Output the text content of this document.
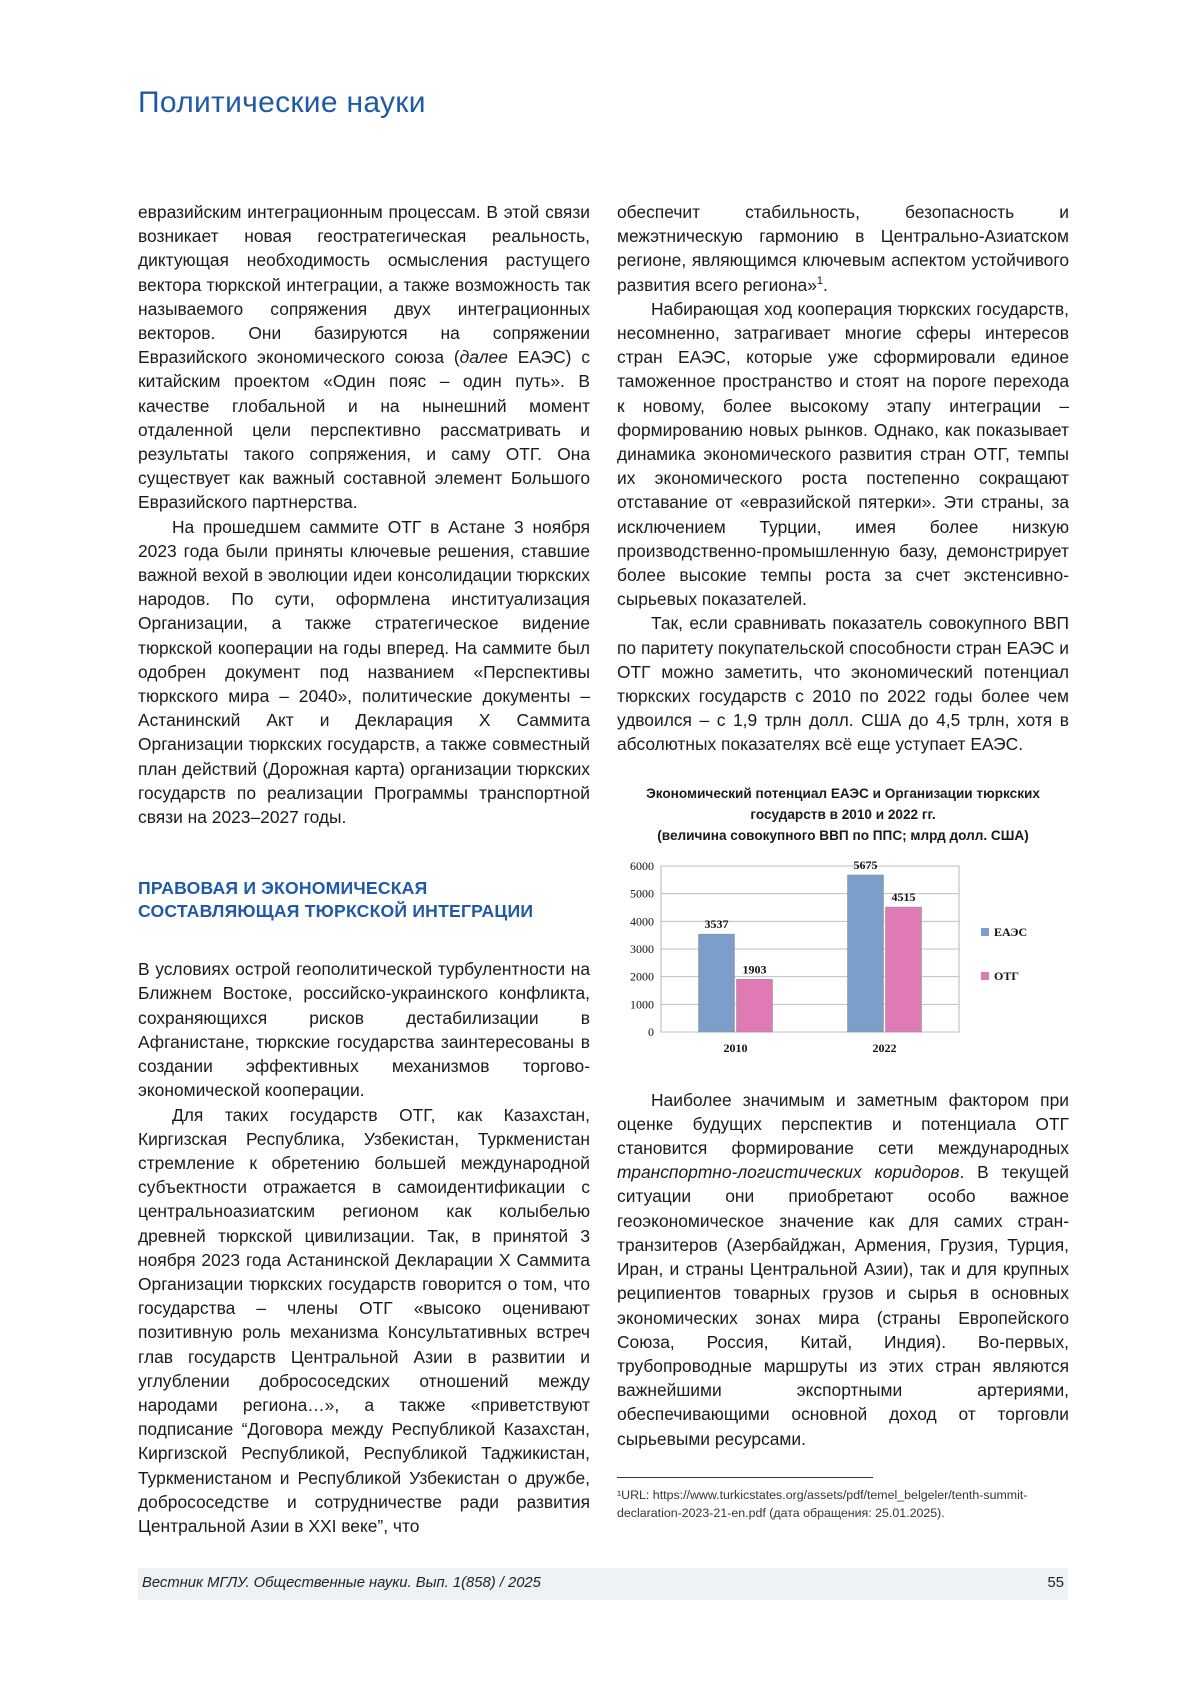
Политические науки

евразийским интеграционным процессам. В этой связи возникает новая геостратегическая реальность, диктующая необходимость осмысления растущего вектора тюркской интеграции, а также возможность так называемого сопряжения двух интеграционных векторов. Они базируются на сопряжении Евразийского экономического союза (далее ЕАЭС) с китайским проектом «Один пояс – один путь». В качестве глобальной и на нынешний момент отдаленной цели перспективно рассматривать и результаты такого сопряжения, и саму ОТГ. Она существует как важный составной элемент Большого Евразийского партнерства.

На прошедшем саммите ОТГ в Астане 3 ноября 2023 года были приняты ключевые решения, ставшие важной вехой в эволюции идеи консолидации тюркских народов. По сути, оформлена институализация Организации, а также стратегическое видение тюркской кооперации на годы вперед. На саммите был одобрен документ под названием «Перспективы тюркского мира – 2040», политические документы – Астанинский Акт и Декларация X Саммита Организации тюркских государств, а также совместный план действий (Дорожная карта) организации тюркских государств по реализации Программы транспортной связи на 2023–2027 годы.

ПРАВОВАЯ И ЭКОНОМИЧЕСКАЯ
СОСТАВЛЯЮЩАЯ ТЮРКСКОЙ ИНТЕГРАЦИИ

В условиях острой геополитической турбулентности на Ближнем Востоке, российско-украинского конфликта, сохраняющихся рисков дестабилизации в Афганистане, тюркские государства заинтересованы в создании эффективных механизмов торгово-экономической кооперации.

Для таких государств ОТГ, как Казахстан, Киргизская Республика, Узбекистан, Туркменистан стремление к обретению большей международной субъектности отражается в самоидентификации с центральноазиатским регионом как колыбелью древней тюркской цивилизации. Так, в принятой 3 ноября 2023 года Астанинской Декларации X Саммита Организации тюркских государств говорится о том, что государства – члены ОТГ «высоко оценивают позитивную роль механизма Консультативных встреч глав государств Центральной Азии в развитии и углублении добрососедских отношений между народами региона…», а также «приветствуют подписание “Договора между Республикой Казахстан, Киргизской Республикой, Республикой Таджикистан, Туркменистаном и Республикой Узбекистан о дружбе, добрососедстве и сотрудничестве ради развития Центральной Азии в XXI веке”, что

обеспечит стабильность, безопасность и межэтническую гармонию в Центрально-Азиатском регионе, являющимся ключевым аспектом устойчивого развития всего региона»$^1$.

Набирающая ход кооперация тюркских государств, несомненно, затрагивает многие сферы интересов стран ЕАЭС, которые уже сформировали единое таможенное пространство и стоят на пороге перехода к новому, более высокому этапу интеграции – формированию новых рынков. Однако, как показывает динамика экономического развития стран ОТГ, темпы их экономического роста постепенно сокращают отставание от «евразийской пятерки». Эти страны, за исключением Турции, имея более низкую производственно-промышленную базу, демонстрирует более высокие темпы роста за счет экстенсивно-сырьевых показателей.

Так, если сравнивать показатель совокупного ВВП по паритету покупательской способности стран ЕАЭС и ОТГ можно заметить, что экономический потенциал тюркских государств с 2010 по 2022 годы более чем удвоился – с 1,9 трлн долл. США до 4,5 трлн, хотя в абсолютных показателях всё еще уступает ЕАЭС.

Экономический потенциал ЕАЭС и Организации тюркских
государств в 2010 и 2022 гг.
(величина совокупного ВВП по ППС; млрд долл. США)
0
1000
2000
3000
4000
5000
6000
3537
1903
2010
5675
4515
2022
ЕАЭС
ОТГ

Наиболее значимым и заметным фактором при оценке будущих перспектив и потенциала ОТГ становится формирование сети международных транспортно-логистических коридоров. В текущей ситуации они приобретают особо важное геоэкономическое значение как для самих стран-транзитеров (Азербайджан, Армения, Грузия, Турция, Иран, и страны Центральной Азии), так и для крупных реципиентов товарных грузов и сырья в основных экономических зонах мира (страны Европейского Союза, Россия, Китай, Индия). Во-первых, трубопроводные маршруты из этих стран являются важнейшими экспортными артериями, обеспечивающими основной доход от торговли сырьевыми ресурсами.

¹URL: https://www.turkicstates.org/assets/pdf/temel_belgeler/tenth-summit-declaration-2023-21-en.pdf (дата обращения: 25.01.2025).
Вестник МГЛУ. Общественные науки. Вып. 1(858) / 2025	55
